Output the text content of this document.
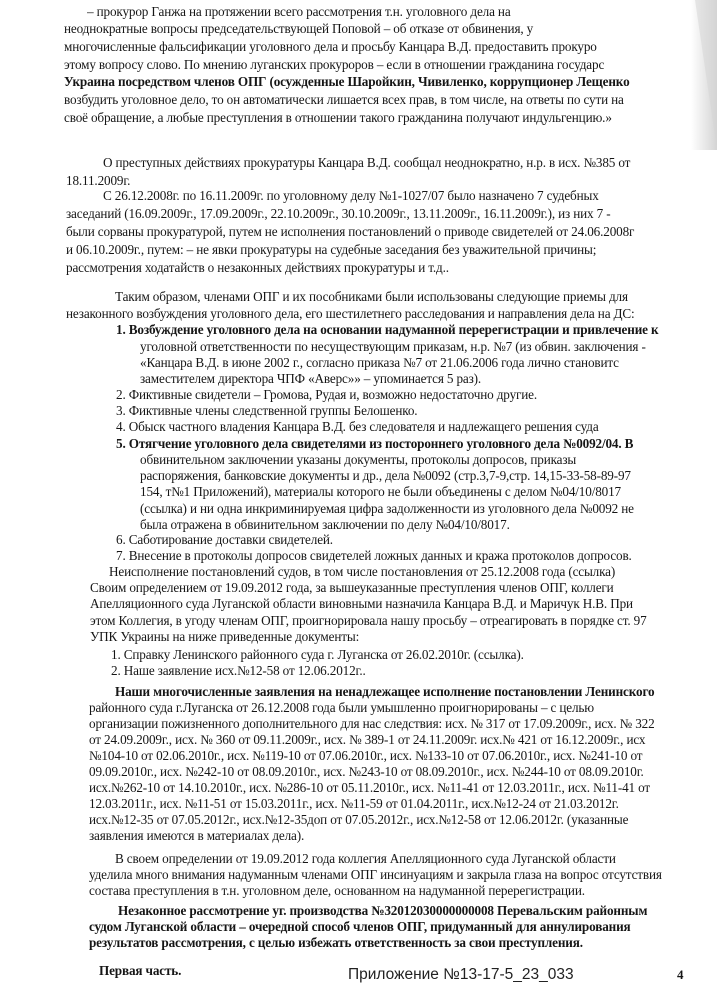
– прокурор Ганжа на протяжении всего рассмотрения т.н. уголовного дела на
неоднократные вопросы председательствующей Поповой – об отказе от обвинения, у
многочисленные фальсификации уголовного дела и просьбу Канцара В.Д. предоставить прокуро
этому вопросу слово. По мнению луганских прокуроров – если в отношении гражданина государс
Украина посредством членов ОПГ (осужденные Шаройкин, Чивиленко, коррупционер Лещенко
возбудить уголовное дело, то он автоматически лишается всех прав, в том числе, на ответы по сути на
своё обращение, а любые преступления в отношении такого гражданина получают индульгенцию.»
О преступных действиях прокуратуры Канцара В.Д. сообщал неоднократно, н.р. в исх. №385 от
18.11.2009г.
С 26.12.2008г. по 16.11.2009г. по уголовному делу №1-1027/07 было назначено 7 судебных
заседаний (16.09.2009г., 17.09.2009г., 22.10.2009г., 30.10.2009г., 13.11.2009г., 16.11.2009г.), из них 7 -
были сорваны прокуратурой, путем не исполнения постановлений о приводе свидетелей от 24.06.2008г
и 06.10.2009г., путем: – не явки прокуратуры на судебные заседания без уважительной причины;
рассмотрения ходатайств о незаконных действиях прокуратуры и т.д..
Таким образом, членами ОПГ и их пособниками были использованы следующие приемы для
незаконного возбуждения уголовного дела, его шестилетнего расследования и направления дела на ДС:
1. Возбуждение уголовного дела на основании надуманной перерегистрации и привлечение к
уголовной ответственности по несуществующим приказам, н.р. №7 (из обвин. заключения -
«Канцара В.Д. в июне 2002 г., согласно приказа №7 от 21.06.2006 года лично становитс
заместителем директора ЧПФ «Аверс»» – упоминается 5 раз).
2. Фиктивные свидетели – Громова, Рудая и, возможно недостаточно другие.
3. Фиктивные члены следственной группы Белошенко.
4. Обыск частного владения Канцара В.Д. без следователя и надлежащего решения суда
5. Отягчение уголовного дела свидетелями из постороннего уголовного дела №0092/04. В
обвинительном заключении указаны документы, протоколы допросов, приказы
распоряжения, банковские документы и др., дела №0092 (стр.3,7-9,стр. 14,15-33-58-89-97
154, т№1 Приложений), материалы которого не были объединены с делом №04/10/8017
(ссылка) и ни одна инкриминируемая цифра задолженности из уголовного дела №0092 не
была отражена в обвинительном заключении по делу №04/10/8017.
6. Саботирование доставки свидетелей.
7. Внесение в протоколы допросов свидетелей ложных данных и кража протоколов допросов.
Неисполнение постановлений судов, в том числе постановления от 25.12.2008 года (ссылка)
Своим определением от 19.09.2012 года, за вышеуказанные преступления членов ОПГ, коллеги
Апелляционного суда Луганской области виновными назначила Канцара В.Д. и Маричук Н.В. При
этом Коллегия, в угоду членам ОПГ, проигнорировала нашу просьбу – отреагировать в порядке ст. 97
УПК Украины на ниже приведенные документы:
1. Справку Ленинского районного суда г. Луганска от 26.02.2010г. (ссылка).
2. Наше заявление исх.№12-58 от 12.06.2012г..
Наши многочисленные заявления на ненадлежащее исполнение постановлении Ленинского
районного суда г.Луганска от 26.12.2008 года были умышленно проигнорированы – с целью
организации пожизненного дополнительного для нас следствия: исх. № 317 от 17.09.2009г., исх. № 322
от 24.09.2009г., исх. № 360 от 09.11.2009г., исх. № 389-1 от 24.11.2009г. исх.№ 421 от 16.12.2009г., исх
№104-10 от 02.06.2010г., исх. №119-10 от 07.06.2010г., исх. №133-10 от 07.06.2010г., исх. №241-10 от
09.09.2010г., исх. №242-10 от 08.09.2010г., исх. №243-10 от 08.09.2010г., исх. №244-10 от 08.09.2010г.
исх.№262-10 от 14.10.2010г., исх. №286-10 от 05.11.2010г., исх. №11-41 от 12.03.2011г., исх. №11-41 от
12.03.2011г., исх. №11-51 от 15.03.2011г., исх. №11-59 от 01.04.2011г., исх.№12-24 от 21.03.2012г.
исх.№12-35 от 07.05.2012г., исх.№12-35доп от 07.05.2012г., исх.№12-58 от 12.06.2012г. (указанные
заявления имеются в материалах дела).
В своем определении от 19.09.2012 года коллегия Апелляционного суда Луганской области
уделила много внимания надуманным членами ОПГ инсинуациям и закрыла глаза на вопрос отсутствия
состава преступления в т.н. уголовном деле, основанном на надуманной перерегистрации.
Незаконное рассмотрение уг. производства №32012030000000008 Перевальским районным
судом Луганской области – очередной способ членов ОПГ, придуманный для аннулирования
результатов рассмотрения, с целью избежать ответственность за свои преступления.
Первая часть.	Приложение №13-17-5_23_033	4
